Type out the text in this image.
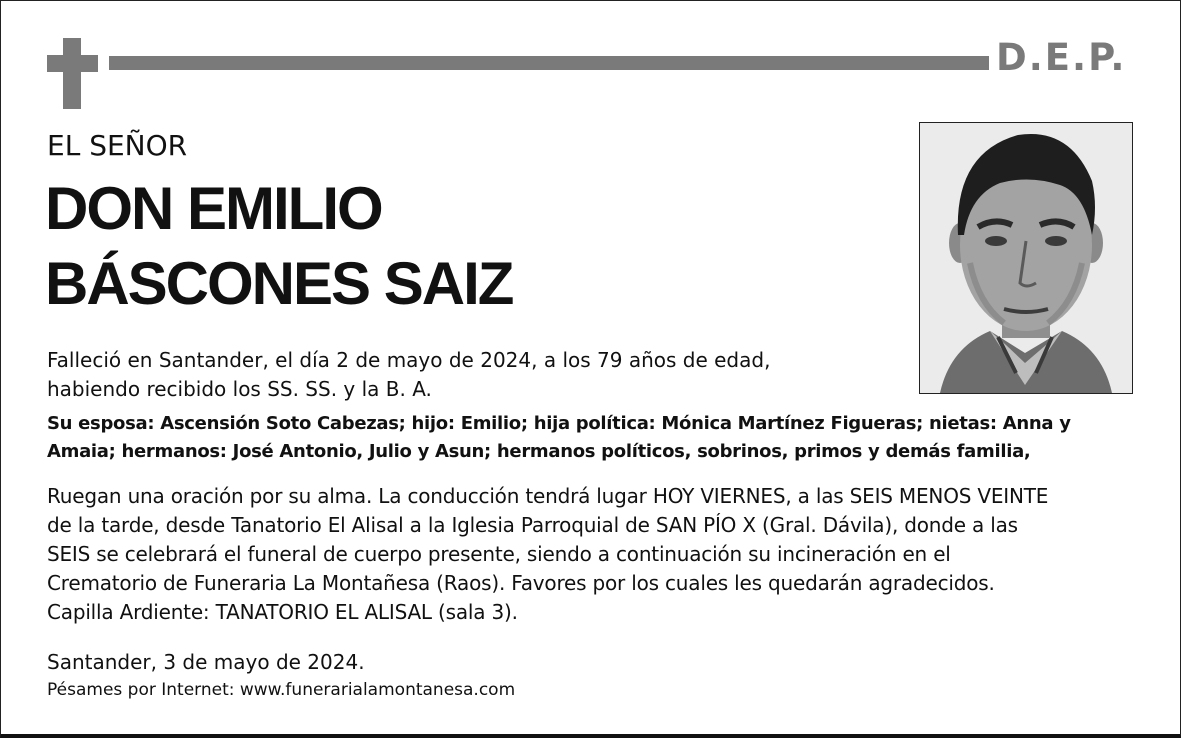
D.E.P.
EL SEÑOR
DON EMILIO
BÁSCONES SAIZ
Falleció en Santander, el día 2 de mayo de 2024, a los 79 años de edad,
habiendo recibido los SS. SS. y la B. A.
Su esposa: Ascensión Soto Cabezas; hijo: Emilio; hija política: Mónica Martínez Figueras; nietas: Anna y
Amaia; hermanos: José Antonio, Julio y Asun; hermanos políticos, sobrinos, primos y demás familia,
Ruegan una oración por su alma. La conducción tendrá lugar HOY VIERNES, a las SEIS MENOS VEINTE
de la tarde, desde Tanatorio El Alisal a la Iglesia Parroquial de SAN PÍO X (Gral. Dávila), donde a las
SEIS se celebrará el funeral de cuerpo presente, siendo a continuación su incineración en el
Crematorio de Funeraria La Montañesa (Raos). Favores por los cuales les quedarán agradecidos.
Capilla Ardiente: TANATORIO EL ALISAL (sala 3).
Santander, 3 de mayo de 2024.
Pésames por Internet: www.funerarialamontanesa.com
